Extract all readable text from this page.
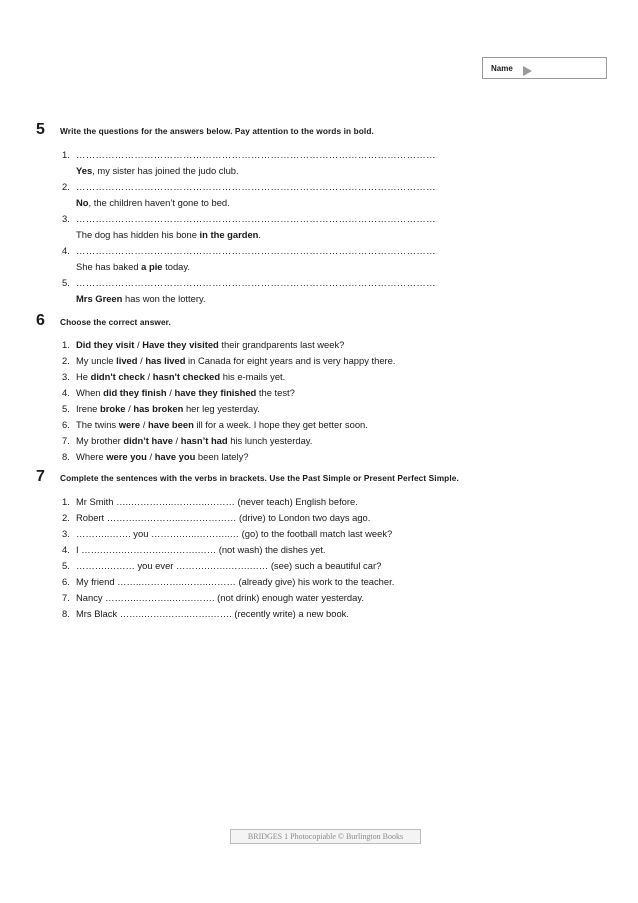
Name
5	Write the questions for the answers below. Pay attention to the words in bold.
1. …………………………………………………………………………………………………
Yes , my sister has joined the judo club.
2. …………………………………………………………………………………………………
No , the children haven’t gone to bed.
3. …………………………………………………………………………………………………
The dog has hidden his bone in the garden .
4. …………………………………………………………………………………………………
She has baked a pie today.
5. …………………………………………………………………………………………………
Mrs Green has won the lottery.
6	Choose the correct answer.
1. Did they visit / Have they visited their grandparents last week?
2. My uncle lived / has lived in Canada for eight years and is very happy there.
3. He didn't check / hasn't checked his e-mails yet.
4. When did they finish / have they finished the test?
5. Irene broke / has broken her leg yesterday.
6. The twins were / have been ill for a week. I hope they get better soon.
7. My brother didn’t have / hasn’t had his lunch yesterday.
8. Where were you / have you been lately?
7	Complete the sentences with the verbs in brackets. Use the Past Simple or Present Perfect Simple.
1. Mr Smith …..…………..………..……… (never teach) English before.
2. Robert ……….…………..……………… (drive) to London two days ago.
3. ………..……. you ……….…..………..… (go) to the football match last week?
4. I …….…….…………..……….…… (not wash) the dishes yet.
5. ……….……… you ever ……….…….…….…… (see) such a beautiful car?
6. My friend ……..…………..……..……… (already give) his work to the teacher.
7. Nancy ………..………..…….……. (not drink) enough water yesterday.
8. Mrs Black ……..…….……..…….……. (recently write) a new book.
BRIDGES 1 Photocopiable © Burlington Books
